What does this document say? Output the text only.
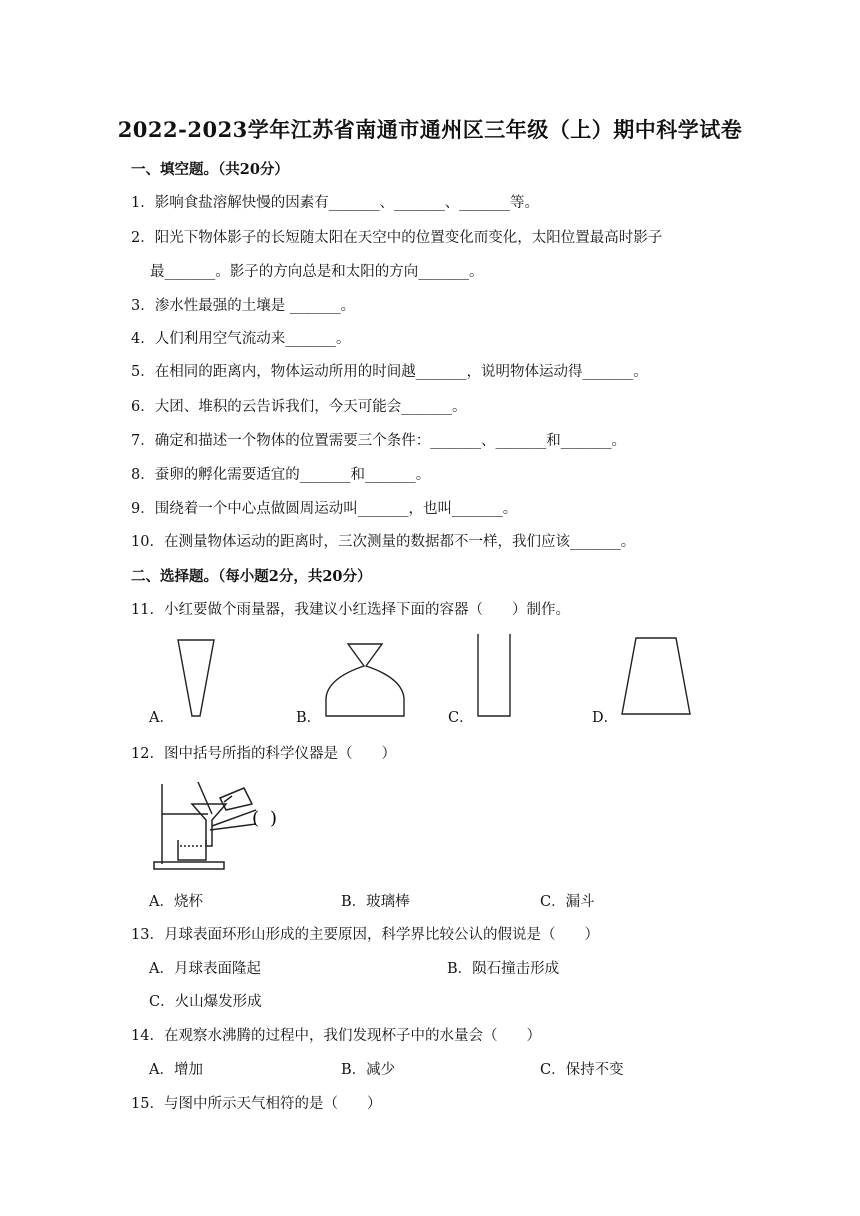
2022-2023学年江苏省南通市通州区三年级（上）期中科学试卷
一、填空题。（共20分）
1．影响食盐溶解快慢的因素有_______、_______、_______等。
2．阳光下物体影子的长短随太阳在天空中的位置变化而变化，太阳位置最高时影子
最_______。影子的方向总是和太阳的方向_______。
3．渗水性最强的土壤是 _______。
4．人们利用空气流动来_______。
5．在相同的距离内，物体运动所用的时间越_______，说明物体运动得_______。
6．大团、堆积的云告诉我们，今天可能会_______。
7．确定和描述一个物体的位置需要三个条件：_______、_______和_______。
8．蚕卵的孵化需要适宜的_______和_______。
9．围绕着一个中心点做圆周运动叫_______，也叫_______。
10．在测量物体运动的距离时，三次测量的数据都不一样，我们应该_______。
二、选择题。（每小题2分，共20分）
11．小红要做个雨量器，我建议小红选择下面的容器（　　）制作。
A．	B．	C．	D．
12．图中括号所指的科学仪器是（　　）
( )
A．烧杯	B．玻璃棒	C．漏斗
13．月球表面环形山形成的主要原因，科学界比较公认的假说是（　　）
A．月球表面隆起	B．陨石撞击形成
C．火山爆发形成
14．在观察水沸腾的过程中，我们发现杯子中的水量会（　　）
A．增加	B．减少	C．保持不变
15．与图中所示天气相符的是（　　）
